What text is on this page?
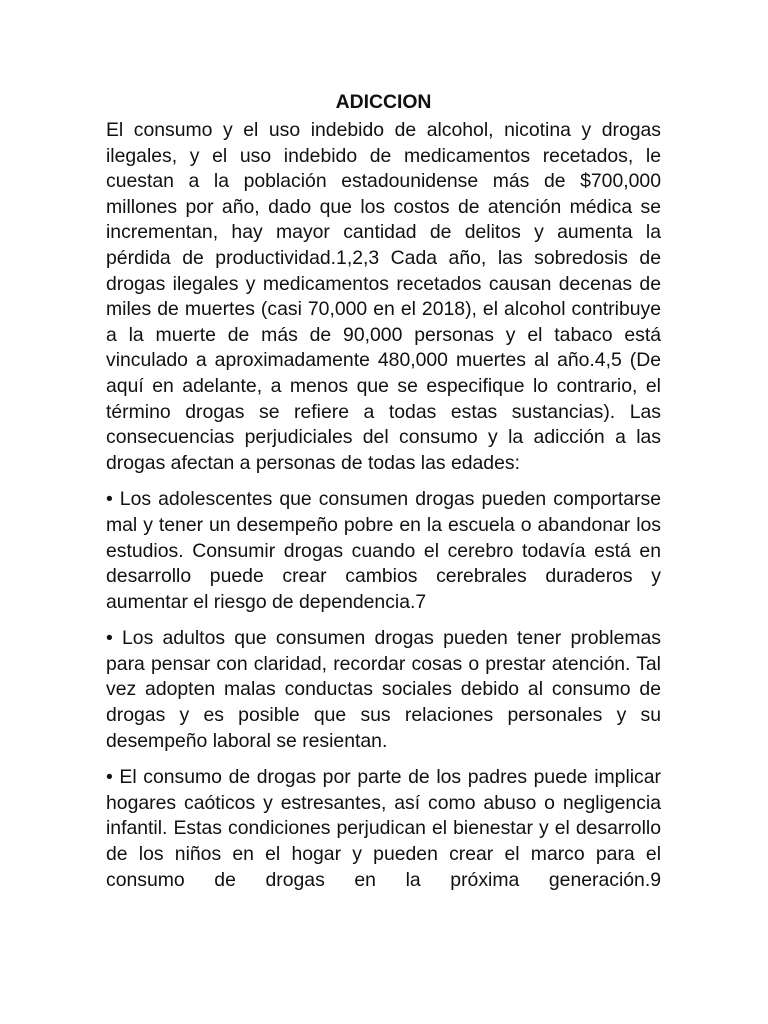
ADICCION

El consumo y el uso indebido de alcohol, nicotina y drogas ilegales, y el uso indebido de medicamentos recetados, le cuestan a la población estadounidense más de $700,000 millones por año, dado que los costos de atención médica se incrementan, hay mayor cantidad de delitos y aumenta la pérdida de productividad.1,2,3 Cada año, las sobredosis de drogas ilegales y medicamentos recetados causan decenas de miles de muertes (casi 70,000 en el 2018), el alcohol contribuye a la muerte de más de 90,000 personas y el tabaco está vinculado a aproximadamente 480,000 muertes al año.4,5 (De aquí en adelante, a menos que se especifique lo contrario, el término drogas se refiere a todas estas sustancias). Las consecuencias perjudiciales del consumo y la adicción a las drogas afectan a personas de todas las edades:

• Los adolescentes que consumen drogas pueden comportarse mal y tener un desempeño pobre en la escuela o abandonar los estudios. Consumir drogas cuando el cerebro todavía está en desarrollo puede crear cambios cerebrales duraderos y aumentar el riesgo de dependencia.7

• Los adultos que consumen drogas pueden tener problemas para pensar con claridad, recordar cosas o prestar atención. Tal vez adopten malas conductas sociales debido al consumo de drogas y es posible que sus relaciones personales y su desempeño laboral se resientan.

• El consumo de drogas por parte de los padres puede implicar hogares caóticos y estresantes, así como abuso o negligencia infantil. Estas condiciones perjudican el bienestar y el desarrollo de los niños en el hogar y pueden crear el marco para el consumo de drogas en la próxima generación.9
